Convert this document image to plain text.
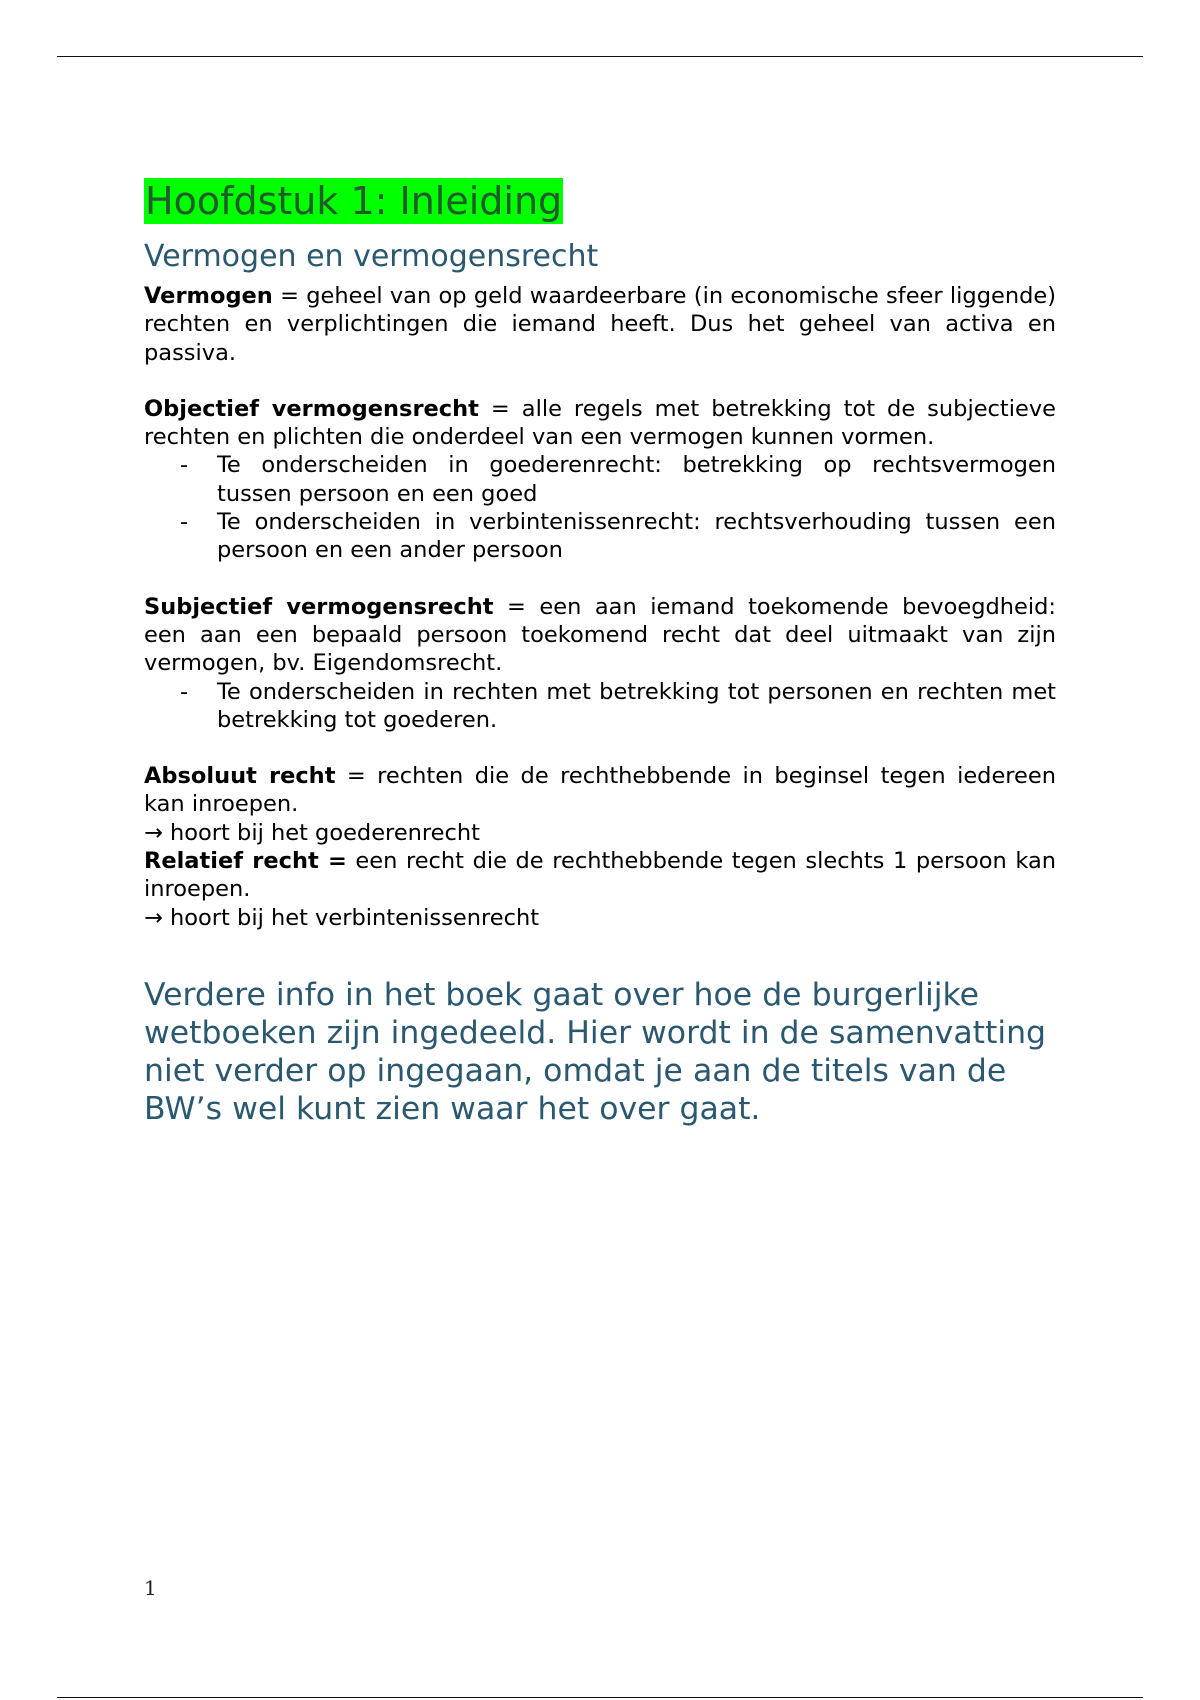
Hoofdstuk 1: Inleiding
Vermogen en vermogensrecht

Vermogen = geheel van op geld waardeerbare (in economische sfeer liggende) rechten en verplichtingen die iemand heeft. Dus het geheel van activa en passiva.

Objectief vermogensrecht = alle regels met betrekking tot de subjectieve rechten en plichten die onderdeel van een vermogen kunnen vormen.

- Te onderscheiden in goederenrecht: betrekking op rechtsvermogen tussen persoon en een goed
- Te onderscheiden in verbintenissenrecht: rechtsverhouding tussen een persoon en een ander persoon

Subjectief vermogensrecht = een aan iemand toekomende bevoegdheid: een aan een bepaald persoon toekomend recht dat deel uitmaakt van zijn vermogen, bv. Eigendomsrecht.

- Te onderscheiden in rechten met betrekking tot personen en rechten met betrekking tot goederen.

Absoluut recht = rechten die de rechthebbende in beginsel tegen iedereen kan inroepen.

→ hoort bij het goederenrecht

Relatief recht = een recht die de rechthebbende tegen slechts 1 persoon kan inroepen.

→ hoort bij het verbintenissenrecht

Verdere info in het boek gaat over hoe de burgerlijke wetboeken zijn ingedeeld. Hier wordt in de samenvatting niet verder op ingegaan, omdat je aan de titels van de BW’s wel kunt zien waar het over gaat.
1
